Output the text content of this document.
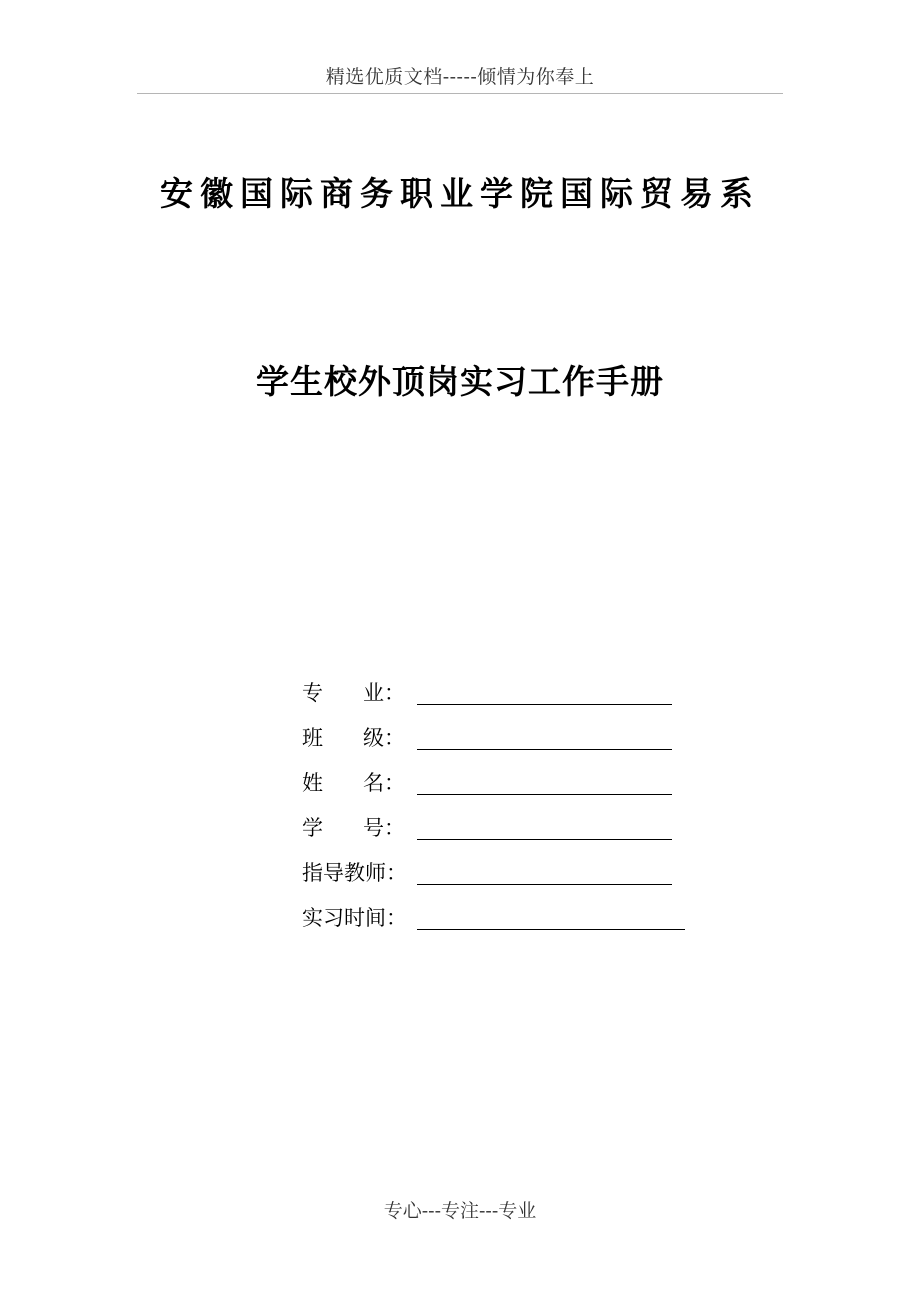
精选优质文档-----倾情为你奉上
安徽国际商务职业学院国际贸易系
学生校外顶岗实习工作手册
专      业：
班      级：
姓      名：
学      号：
指导教师：
实习时间：
专心---专注---专业
